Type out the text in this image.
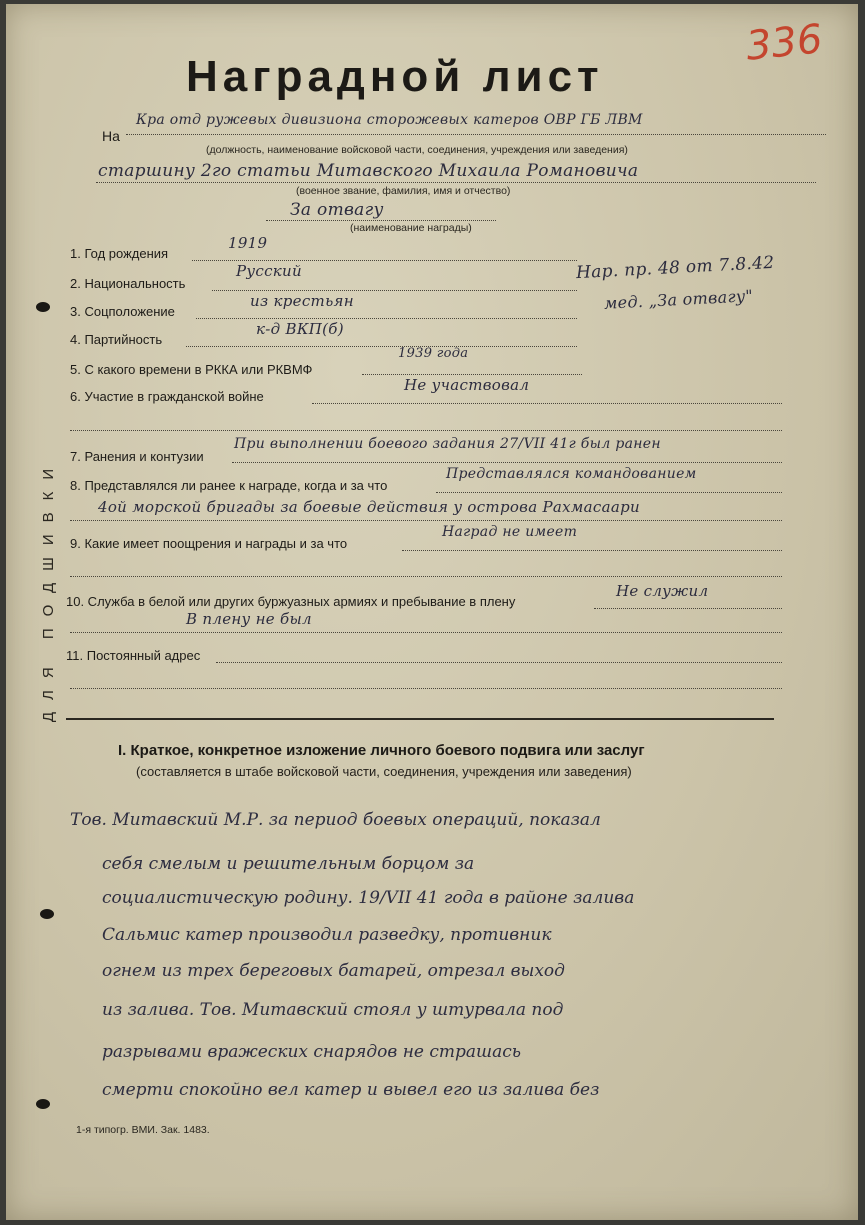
Наградной лист
336
На
Кра отд ружевых дивизиона сторожевых катеров ОВР ГБ ЛВМ
(должность, наименование войсковой части, соединения, учреждения или заведения)
старшину 2го статьи Митавского Михаила Романовича
(военное звание, фамилия, имя и отчество)
За отвагу
(наименование награды)
ДЛЯ ПОДШИВКИ
1. Год рождения
1919
2. Национальность
Русский
3. Соцположение
из крестьян
4. Партийность
к-д ВКП(б)
Нар. пр. 48 от 7.8.42
мед. „За отвагу"
5. С какого времени в РККА или РКВМФ
1939 года
6. Участие в гражданской войне
Не участвовал
7. Ранения и контузии
При выполнении боевого задания 27/VII 41г был ранен
8. Представлялся ли ранее к награде, когда и за что
Представлялся командованием
4ой морской бригады за боевые действия у острова Рахмасаари
9. Какие имеет поощрения и награды и за что
Наград не имеет
10. Служба в белой или других буржуазных армиях и пребывание в плену
Не служил
В плену не был
11. Постоянный адрес
I. Краткое, конкретное изложение личного боевого подвига или заслуг
(составляется в штабе войсковой части, соединения, учреждения или заведения)
Тов. Митавский М.Р. за период боевых операций, показал
себя смелым и решительным борцом за
социалистическую родину. 19/VII 41 года в районе залива
Сальмис катер производил разведку, противник
огнем из трех береговых батарей, отрезал выход
из залива. Тов. Митавский стоял у штурвала под
разрывами вражеских снарядов не страшась
смерти спокойно вел катер и вывел его из залива без
1-я типогр. ВМИ. Зак. 1483.
